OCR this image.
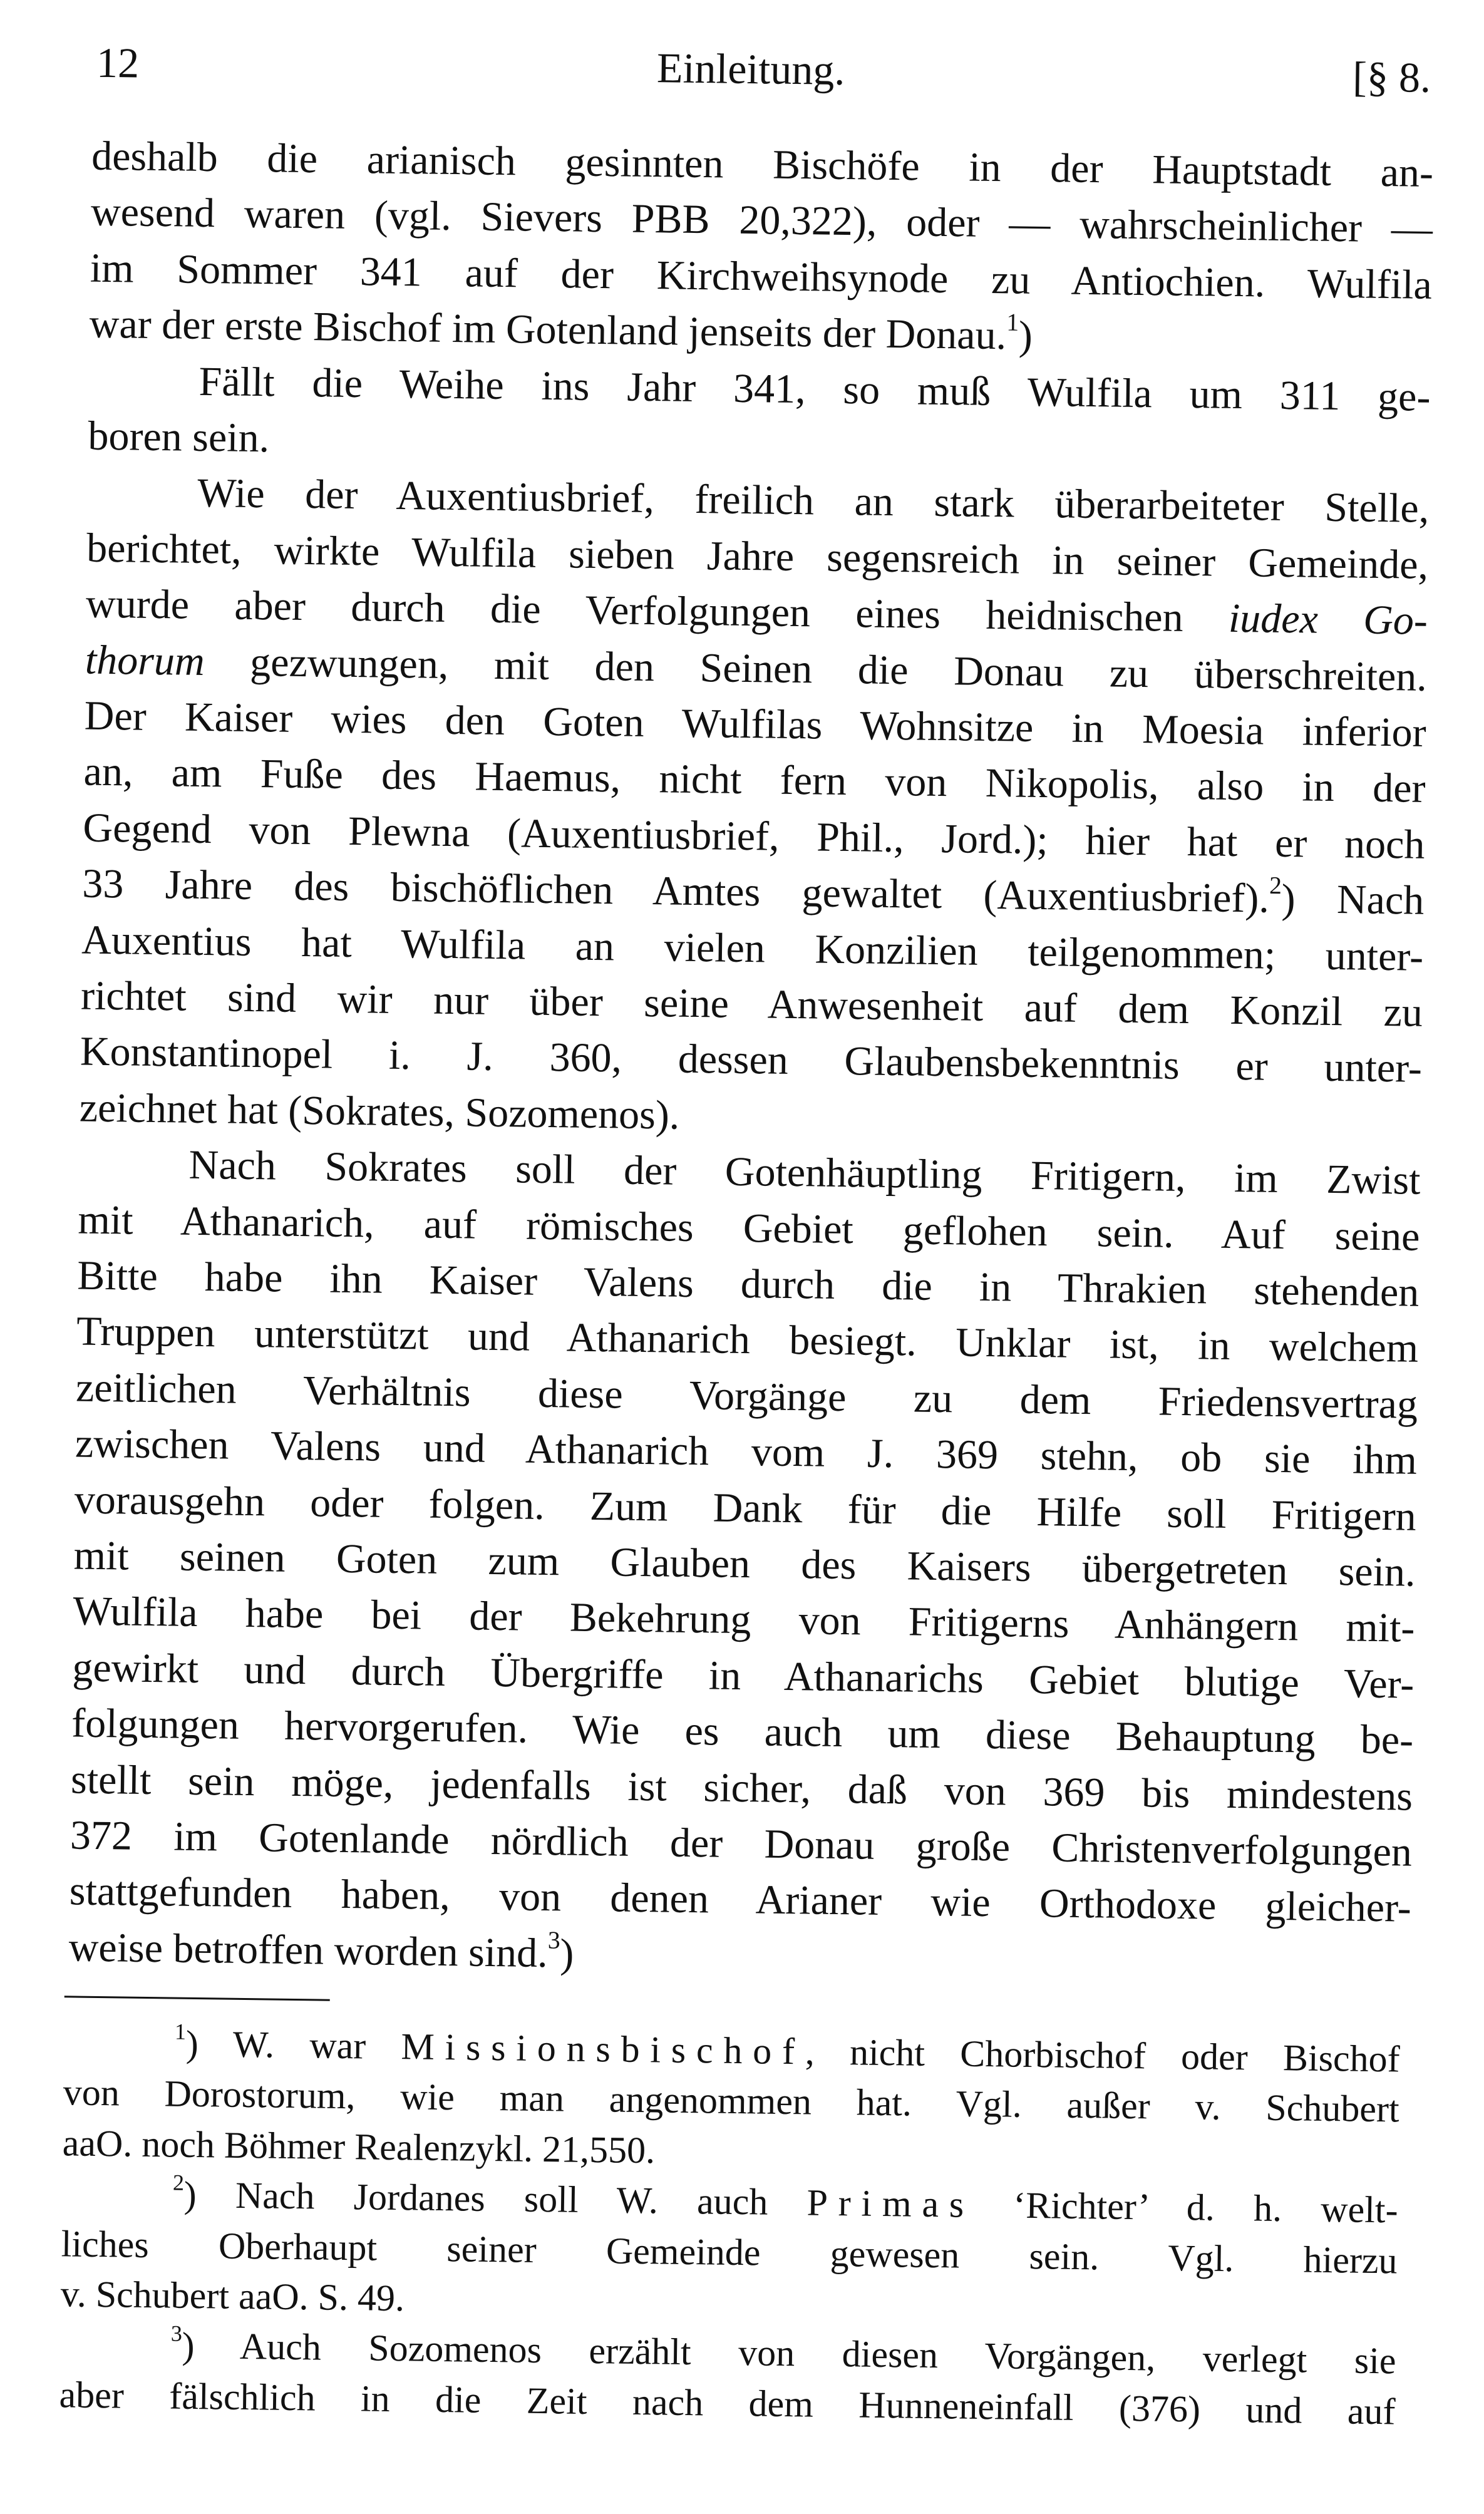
12	Einleitung.	[§ 8.
deshalb die arianisch gesinnten Bischöfe in der Hauptstadt an-
wesend waren (vgl. Sievers PBB 20,322), oder — wahrscheinlicher —
im Sommer 341 auf der Kirchweihsynode zu Antiochien. Wulfila
war der erste Bischof im Gotenland jenseits der Donau.$^1$)
Fällt die Weihe ins Jahr 341, so muß Wulfila um 311 ge-
boren sein.
Wie der Auxentiusbrief, freilich an stark überarbeiteter Stelle,
berichtet, wirkte Wulfila sieben Jahre segensreich in seiner Gemeinde,
wurde aber durch die Verfolgungen eines heidnischen iudex Go-
thorum gezwungen, mit den Seinen die Donau zu überschreiten.
Der Kaiser wies den Goten Wulfilas Wohnsitze in Moesia inferior
an, am Fuße des Haemus, nicht fern von Nikopolis, also in der
Gegend von Plewna (Auxentiusbrief, Phil., Jord.); hier hat er noch
33 Jahre des bischöflichen Amtes gewaltet (Auxentiusbrief).$^2$) Nach
Auxentius hat Wulfila an vielen Konzilien teilgenommen; unter-
richtet sind wir nur über seine Anwesenheit auf dem Konzil zu
Konstantinopel i. J. 360, dessen Glaubensbekenntnis er unter-
zeichnet hat (Sokrates, Sozomenos).
Nach Sokrates soll der Gotenhäuptling Fritigern, im Zwist
mit Athanarich, auf römisches Gebiet geflohen sein. Auf seine
Bitte habe ihn Kaiser Valens durch die in Thrakien stehenden
Truppen unterstützt und Athanarich besiegt. Unklar ist, in welchem
zeitlichen Verhältnis diese Vorgänge zu dem Friedensvertrag
zwischen Valens und Athanarich vom J. 369 stehn, ob sie ihm
vorausgehn oder folgen. Zum Dank für die Hilfe soll Fritigern
mit seinen Goten zum Glauben des Kaisers übergetreten sein.
Wulfila habe bei der Bekehrung von Fritigerns Anhängern mit-
gewirkt und durch Übergriffe in Athanarichs Gebiet blutige Ver-
folgungen hervorgerufen. Wie es auch um diese Behauptung be-
stellt sein möge, jedenfalls ist sicher, daß von 369 bis mindestens
372 im Gotenlande nördlich der Donau große Christenverfolgungen
stattgefunden haben, von denen Arianer wie Orthodoxe gleicher-
weise betroffen worden sind.$^3$)
$^1$) W. war Missionsbischof, nicht Chorbischof oder Bischof
von Dorostorum, wie man angenommen hat. Vgl. außer v. Schubert
aaO. noch Böhmer Realenzykl. 21,550.
$^2$) Nach Jordanes soll W. auch Primas ‘Richter’ d. h. welt-
liches Oberhaupt seiner Gemeinde gewesen sein. Vgl. hierzu
v. Schubert aaO. S. 49.
$^3$) Auch Sozomenos erzählt von diesen Vorgängen, verlegt sie
aber fälschlich in die Zeit nach dem Hunneneinfall (376) und auf
